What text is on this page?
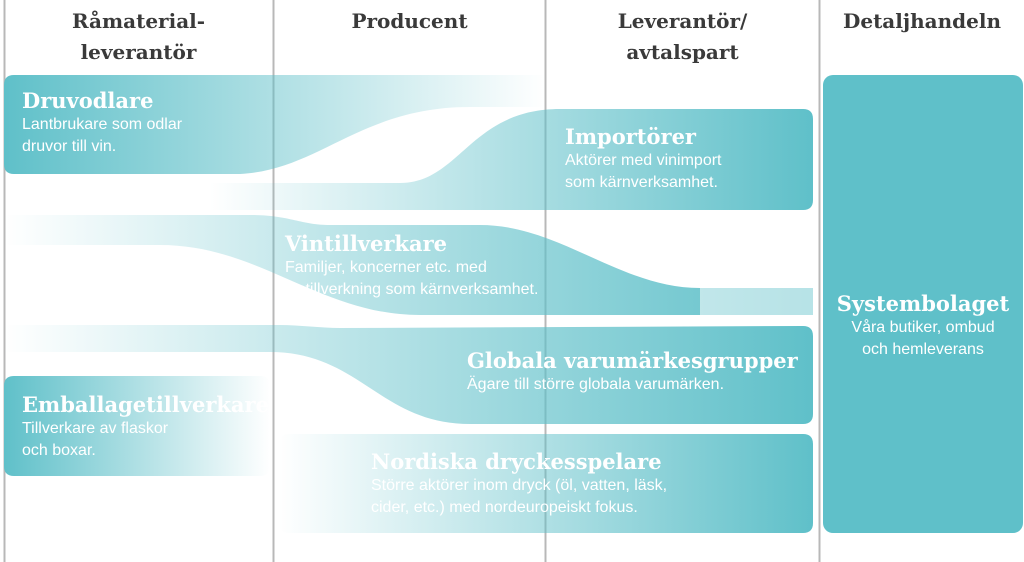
Råmaterial-
leverantör
Producent	Leverantör/
avtalspart
Detaljhandeln
Druvodlare
Lantbrukare som odlar
druvor till vin.	Importörer
Aktörer med vinimport
som kärnverksamhet.
Vintillverkare
Familjer, koncerner etc. med
vintillverkning som kärnverksamhet.
Globala varumärkesgrupper
Ägare till större globala varumärken.
Emballagetillverkare
Tillverkare av flaskor
och boxar.	Nordiska dryckesspelare
Större aktörer inom dryck (öl, vatten, läsk,
cider, etc.) med nordeuropeiskt fokus.
Systembolaget
Våra butiker, ombud
och hemleverans
